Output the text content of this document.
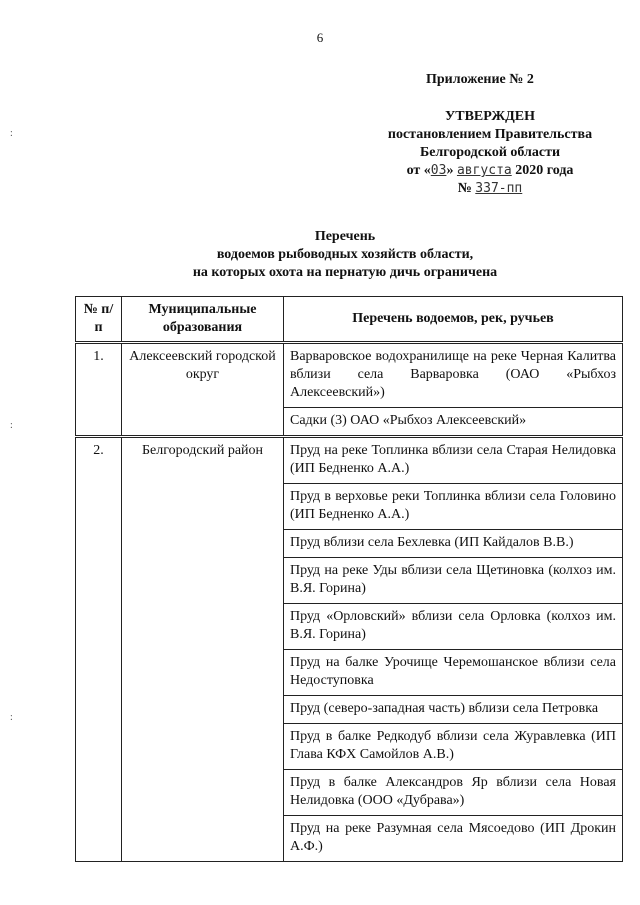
:
:
:
6
Приложение № 2
УТВЕРЖДЕН
постановлением Правительства
Белгородской области
от «03» августа 2020 года
№ 337-пп
Перечень
водоемов рыбоводных хозяйств области,
на которых охота на пернатую дичь ограничена
№ п/п	Муниципальные образования	Перечень водоемов, рек, ручьев
1.	Алексеевский городской округ	Варваровское водохранилище на реке Черная Калитва вблизи села Варваровка (ОАО «Рыбхоз Алексеевский»)
		Садки (3) ОАО «Рыбхоз Алексеевский»
2.	Белгородский район	Пруд на реке Топлинка вблизи села Старая Нелидовка (ИП Бедненко А.А.)
		Пруд в верховье реки Топлинка вблизи села Головино (ИП Бедненко А.А.)
		Пруд вблизи села Бехлевка (ИП Кайдалов В.В.)
		Пруд на реке Уды вблизи села Щетиновка (колхоз им. В.Я. Горина)
		Пруд «Орловский» вблизи села Орловка (колхоз им. В.Я. Горина)
		Пруд на балке Урочище Черемошанское вблизи села Недоступовка
		Пруд (северо-западная часть) вблизи села Петровка
		Пруд в балке Редкодуб вблизи села Журавлевка (ИП Глава КФХ Самойлов А.В.)
		Пруд в балке Александров Яр вблизи села Новая Нелидовка (ООО «Дубрава»)
		Пруд на реке Разумная села Мясоедово (ИП Дрокин А.Ф.)
